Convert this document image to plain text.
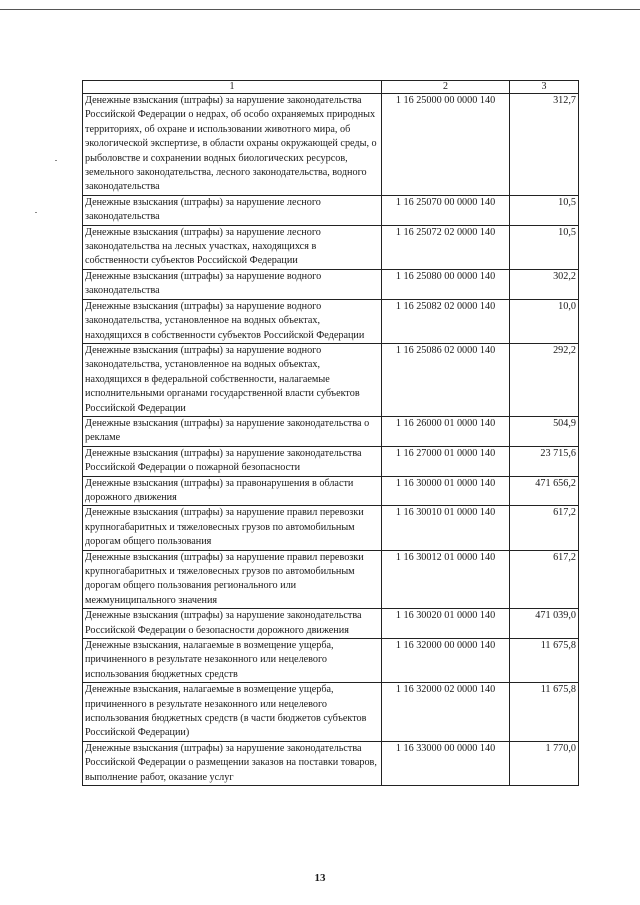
1	2	3
Денежные взыскания (штрафы) за нарушение законодательства Российской Федерации о недрах, об особо охраняемых природных территориях, об охране и использовании животного мира, об экологической экспертизе, в области охраны окружающей среды, о рыболовстве и сохранении водных биологических ресурсов, земельного законодательства, лесного законодательства, водного законодательства	1 16 25000 00 0000 140	312,7
Денежные взыскания (штрафы) за нарушение лесного законодательства	1 16 25070 00 0000 140	10,5
Денежные взыскания (штрафы) за нарушение лесного законодательства на лесных участках, находящихся в собственности субъектов Российской Федерации	1 16 25072 02 0000 140	10,5
Денежные взыскания (штрафы) за нарушение водного законодательства	1 16 25080 00 0000 140	302,2
Денежные взыскания (штрафы) за нарушение водного законодательства, установленное на водных объектах, находящихся в собственности субъектов Российской Федерации	1 16 25082 02 0000 140	10,0
Денежные взыскания (штрафы) за нарушение водного законодательства, установленное на водных объектах, находящихся в федеральной собственности, налагаемые исполнительными органами государственной власти субъектов Российской Федерации	1 16 25086 02 0000 140	292,2
Денежные взыскания (штрафы) за нарушение законодательства о рекламе	1 16 26000 01 0000 140	504,9
Денежные взыскания (штрафы) за нарушение законодательства Российской Федерации о пожарной безопасности	1 16 27000 01 0000 140	23 715,6
Денежные взыскания (штрафы) за правонарушения в области дорожного движения	1 16 30000 01 0000 140	471 656,2
Денежные взыскания (штрафы) за нарушение правил перевозки крупногабаритных и тяжеловесных грузов по автомобильным дорогам общего пользования	1 16 30010 01 0000 140	617,2
Денежные взыскания (штрафы) за нарушение правил перевозки крупногабаритных и тяжеловесных грузов по автомобильным дорогам общего пользования регионального или межмуниципального значения	1 16 30012 01 0000 140	617,2
Денежные взыскания (штрафы) за нарушение законодательства Российской Федерации о безопасности дорожного движения	1 16 30020 01 0000 140	471 039,0
Денежные взыскания, налагаемые в возмещение ущерба, причиненного в результате незаконного или нецелевого использования бюджетных средств	1 16 32000 00 0000 140	11 675,8
Денежные взыскания, налагаемые в возмещение ущерба, причиненного в результате незаконного или нецелевого использования бюджетных средств (в части бюджетов субъектов Российской Федерации)	1 16 32000 02 0000 140	11 675,8
Денежные взыскания (штрафы) за нарушение законодательства Российской Федерации о размещении заказов на поставки товаров, выполнение работ, оказание услуг	1 16 33000 00 0000 140	1 770,0
13
